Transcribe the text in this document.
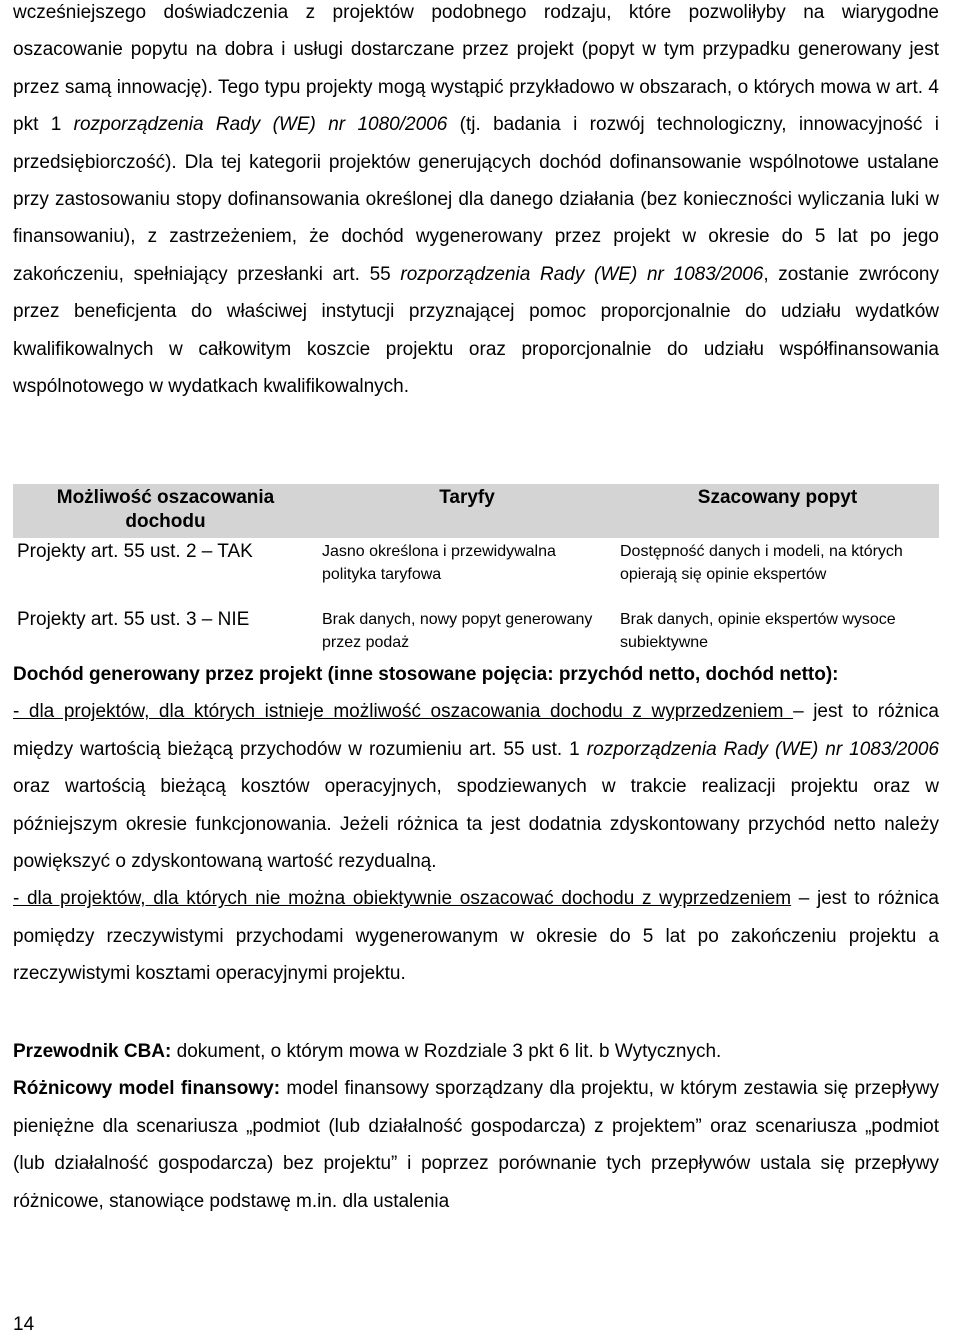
wcześniejszego doświadczenia z projektów podobnego rodzaju, które pozwoliłyby na wiarygodne oszacowanie popytu na dobra i usługi dostarczane przez projekt (popyt w tym przypadku generowany jest przez samą innowację). Tego typu projekty mogą wystąpić przykładowo w obszarach, o których mowa w art. 4 pkt 1 rozporządzenia Rady (WE) nr 1080/2006 (tj. badania i rozwój technologiczny, innowacyjność i przedsiębiorczość). Dla tej kategorii projektów generujących dochód dofinansowanie wspólnotowe ustalane przy zastosowaniu stopy dofinansowania określonej dla danego działania (bez konieczności wyliczania luki w finansowaniu), z zastrzeżeniem, że dochód wygenerowany przez projekt w okresie do 5 lat po jego zakończeniu, spełniający przesłanki art. 55 rozporządzenia Rady (WE) nr 1083/2006, zostanie zwrócony przez beneficjenta do właściwej instytucji przyznającej pomoc proporcjonalnie do udziału wydatków kwalifikowalnych w całkowitym koszcie projektu oraz proporcjonalnie do udziału współfinansowania wspólnotowego w wydatkach kwalifikowalnych.

Możliwość oszacowania dochodu	Taryfy	Szacowany popyt
Projekty art. 55 ust. 2 – TAK	Jasno określona i przewidywalna polityka taryfowa	Dostępność danych i modeli, na których opierają się opinie ekspertów
Projekty art. 55 ust. 3 – NIE	Brak danych, nowy popyt generowany przez podaż	Brak danych, opinie ekspertów wysoce subiektywne

Dochód generowany przez projekt (inne stosowane pojęcia: przychód netto, dochód netto):
- dla projektów, dla których istnieje możliwość oszacowania dochodu z wyprzedzeniem – jest to różnica między wartością bieżącą przychodów w rozumieniu art. 55 ust. 1 rozporządzenia Rady (WE) nr 1083/2006 oraz wartością bieżącą kosztów operacyjnych, spodziewanych w trakcie realizacji projektu oraz w późniejszym okresie funkcjonowania. Jeżeli różnica ta jest dodatnia zdyskontowany przychód netto należy powiększyć o zdyskontowaną wartość rezydualną.
- dla projektów, dla których nie można obiektywnie oszacować dochodu z wyprzedzeniem – jest to różnica pomiędzy rzeczywistymi przychodami wygenerowanym w okresie do 5 lat po zakończeniu projektu a rzeczywistymi kosztami operacyjnymi projektu.

Przewodnik CBA: dokument, o którym mowa w Rozdziale 3 pkt 6 lit. b Wytycznych.
Różnicowy model finansowy: model finansowy sporządzany dla projektu, w którym zestawia się przepływy pieniężne dla scenariusza „podmiot (lub działalność gospodarcza) z projektem” oraz scenariusza „podmiot (lub działalność gospodarcza) bez projektu” i poprzez porównanie tych przepływów ustala się przepływy różnicowe, stanowiące podstawę m.in. dla ustalenia

14
